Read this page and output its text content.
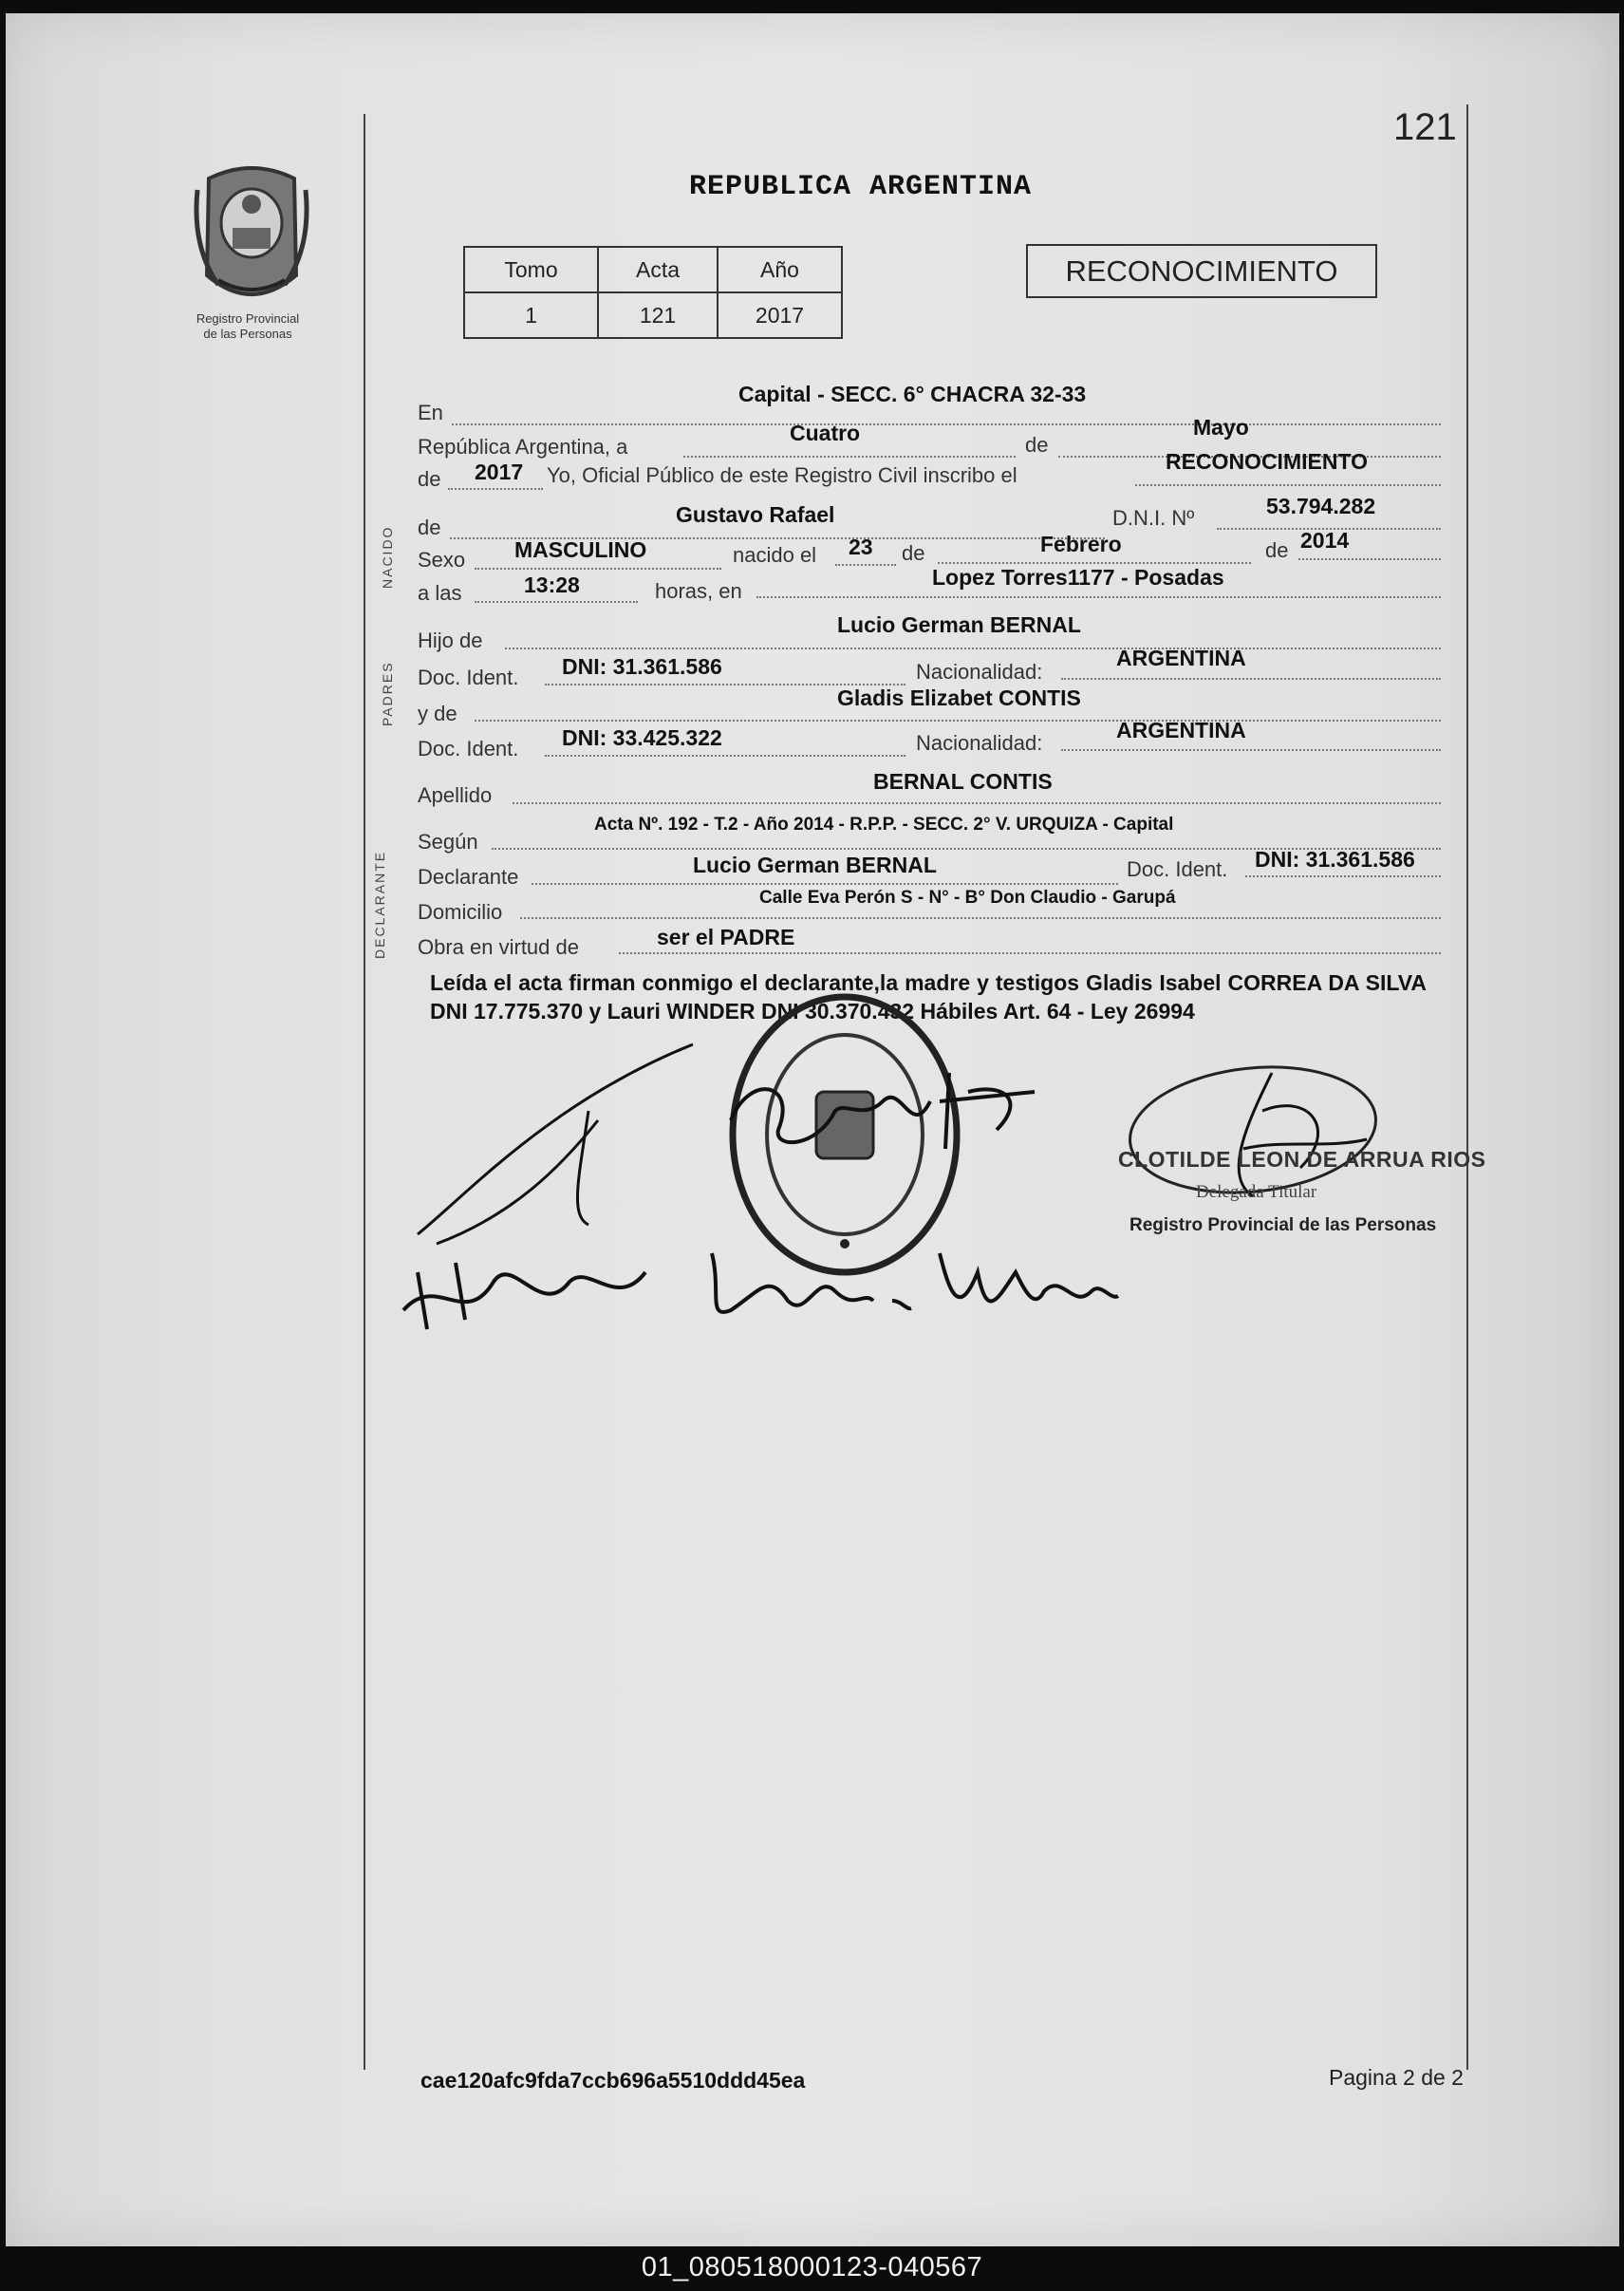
01_080518000123-040567
Registro Provincial
de las Personas
121
REPUBLICA ARGENTINA
Tomo	Acta	Año
1	121	2017
RECONOCIMIENTO
NACIDO
PADRES
DECLARANTE
En
Capital - SECC. 6° CHACRA 32-33
República Argentina, a
Cuatro	de
Mayo
de 2017 Yo, Oficial Público de este Registro Civil inscribo el
RECONOCIMIENTO
de
Gustavo Rafael	D.N.I. Nº	53.794.282
Sexo MASCULINO	nacido el 23 de	Febrero	de 2014
a las	13:28	horas, en
Lopez Torres1177 - Posadas
Hijo de
Lucio German BERNAL
Doc. Ident. DNI: 31.361.586	Nacionalidad:
ARGENTINA
y de
Gladis Elizabet CONTIS
Doc. Ident. DNI: 33.425.322	Nacionalidad:
ARGENTINA
Apellido
BERNAL CONTIS
Según
Acta Nº. 192 - T.2 - Año 2014 - R.P.P. - SECC. 2° V. URQUIZA - Capital
Declarante	Lucio German BERNAL	Doc. Ident. DNI: 31.361.586
Domicilio
Calle Eva Perón S - N° - B° Don Claudio - Garupá
Obra en virtud de	ser el PADRE
Leída el acta firman conmigo el declarante,la madre y testigos Gladis Isabel CORREA DA SILVA DNI 17.775.370 y Lauri WINDER DNI 30.370.432 Hábiles Art. 64 - Ley 26994
CLOTILDE LEON DE ARRUA RIOS
Delegada Titular
Registro Provincial de las Personas
cae120afc9fda7ccb696a5510ddd45ea	Pagina 2 de 2
